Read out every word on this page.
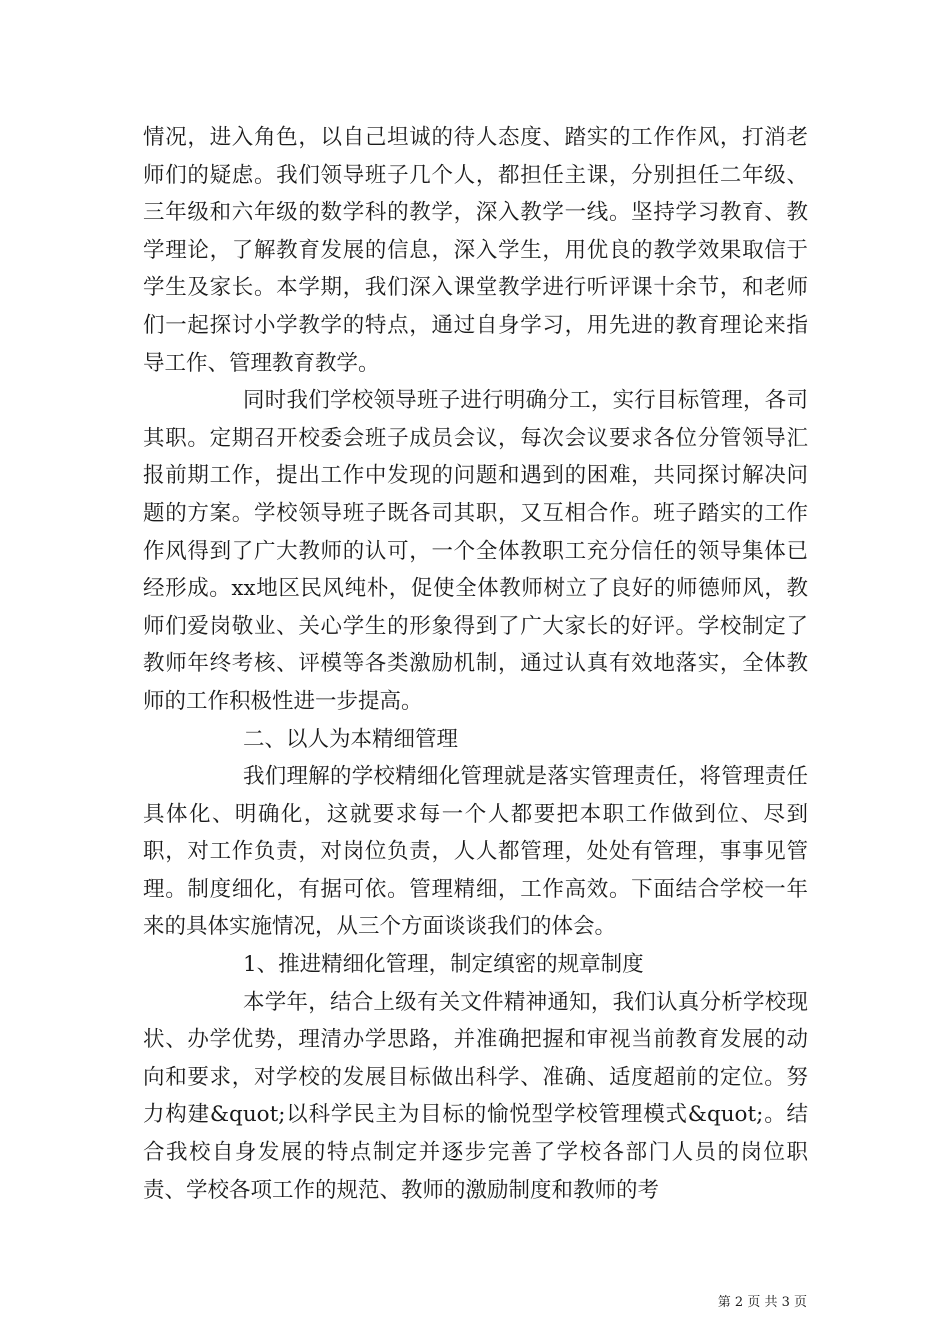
情况，进入角色，以自己坦诚的待人态度、踏实的工作作风，打消老师们的疑虑。我们领导班子几个人，都担任主课，分别担任二年级、三年级和六年级的数学科的教学，深入教学一线。坚持学习教育、教学理论，了解教育发展的信息，深入学生，用优良的教学效果取信于学生及家长。本学期，我们深入课堂教学进行听评课十余节，和老师们一起探讨小学教学的特点，通过自身学习，用先进的教育理论来指导工作、管理教育教学。

同时我们学校领导班子进行明确分工，实行目标管理，各司其职。定期召开校委会班子成员会议，每次会议要求各位分管领导汇报前期工作，提出工作中发现的问题和遇到的困难，共同探讨解决问题的方案。学校领导班子既各司其职，又互相合作。班子踏实的工作作风得到了广大教师的认可，一个全体教职工充分信任的领导集体已经形成。xx地区民风纯朴，促使全体教师树立了良好的师德师风，教师们爱岗敬业、关心学生的形象得到了广大家长的好评。学校制定了教师年终考核、评模等各类激励机制，通过认真有效地落实，全体教师的工作积极性进一步提高。

二、以人为本精细管理

我们理解的学校精细化管理就是落实管理责任，将管理责任具体化、明确化，这就要求每一个人都要把本职工作做到位、尽到职，对工作负责，对岗位负责，人人都管理，处处有管理，事事见管理。制度细化，有据可依。管理精细，工作高效。下面结合学校一年来的具体实施情况，从三个方面谈谈我们的体会。

1、推进精细化管理，制定缜密的规章制度

本学年，结合上级有关文件精神通知，我们认真分析学校现状、办学优势，理清办学思路，并准确把握和审视当前教育发展的动向和要求，对学校的发展目标做出科学、准确、适度超前的定位。努力构建&quot;以科学民主为目标的愉悦型学校管理模式&quot;。结合我校自身发展的特点制定并逐步完善了学校各部门人员的岗位职责、学校各项工作的规范、教师的激励制度和教师的考

第 2 页 共 3 页
